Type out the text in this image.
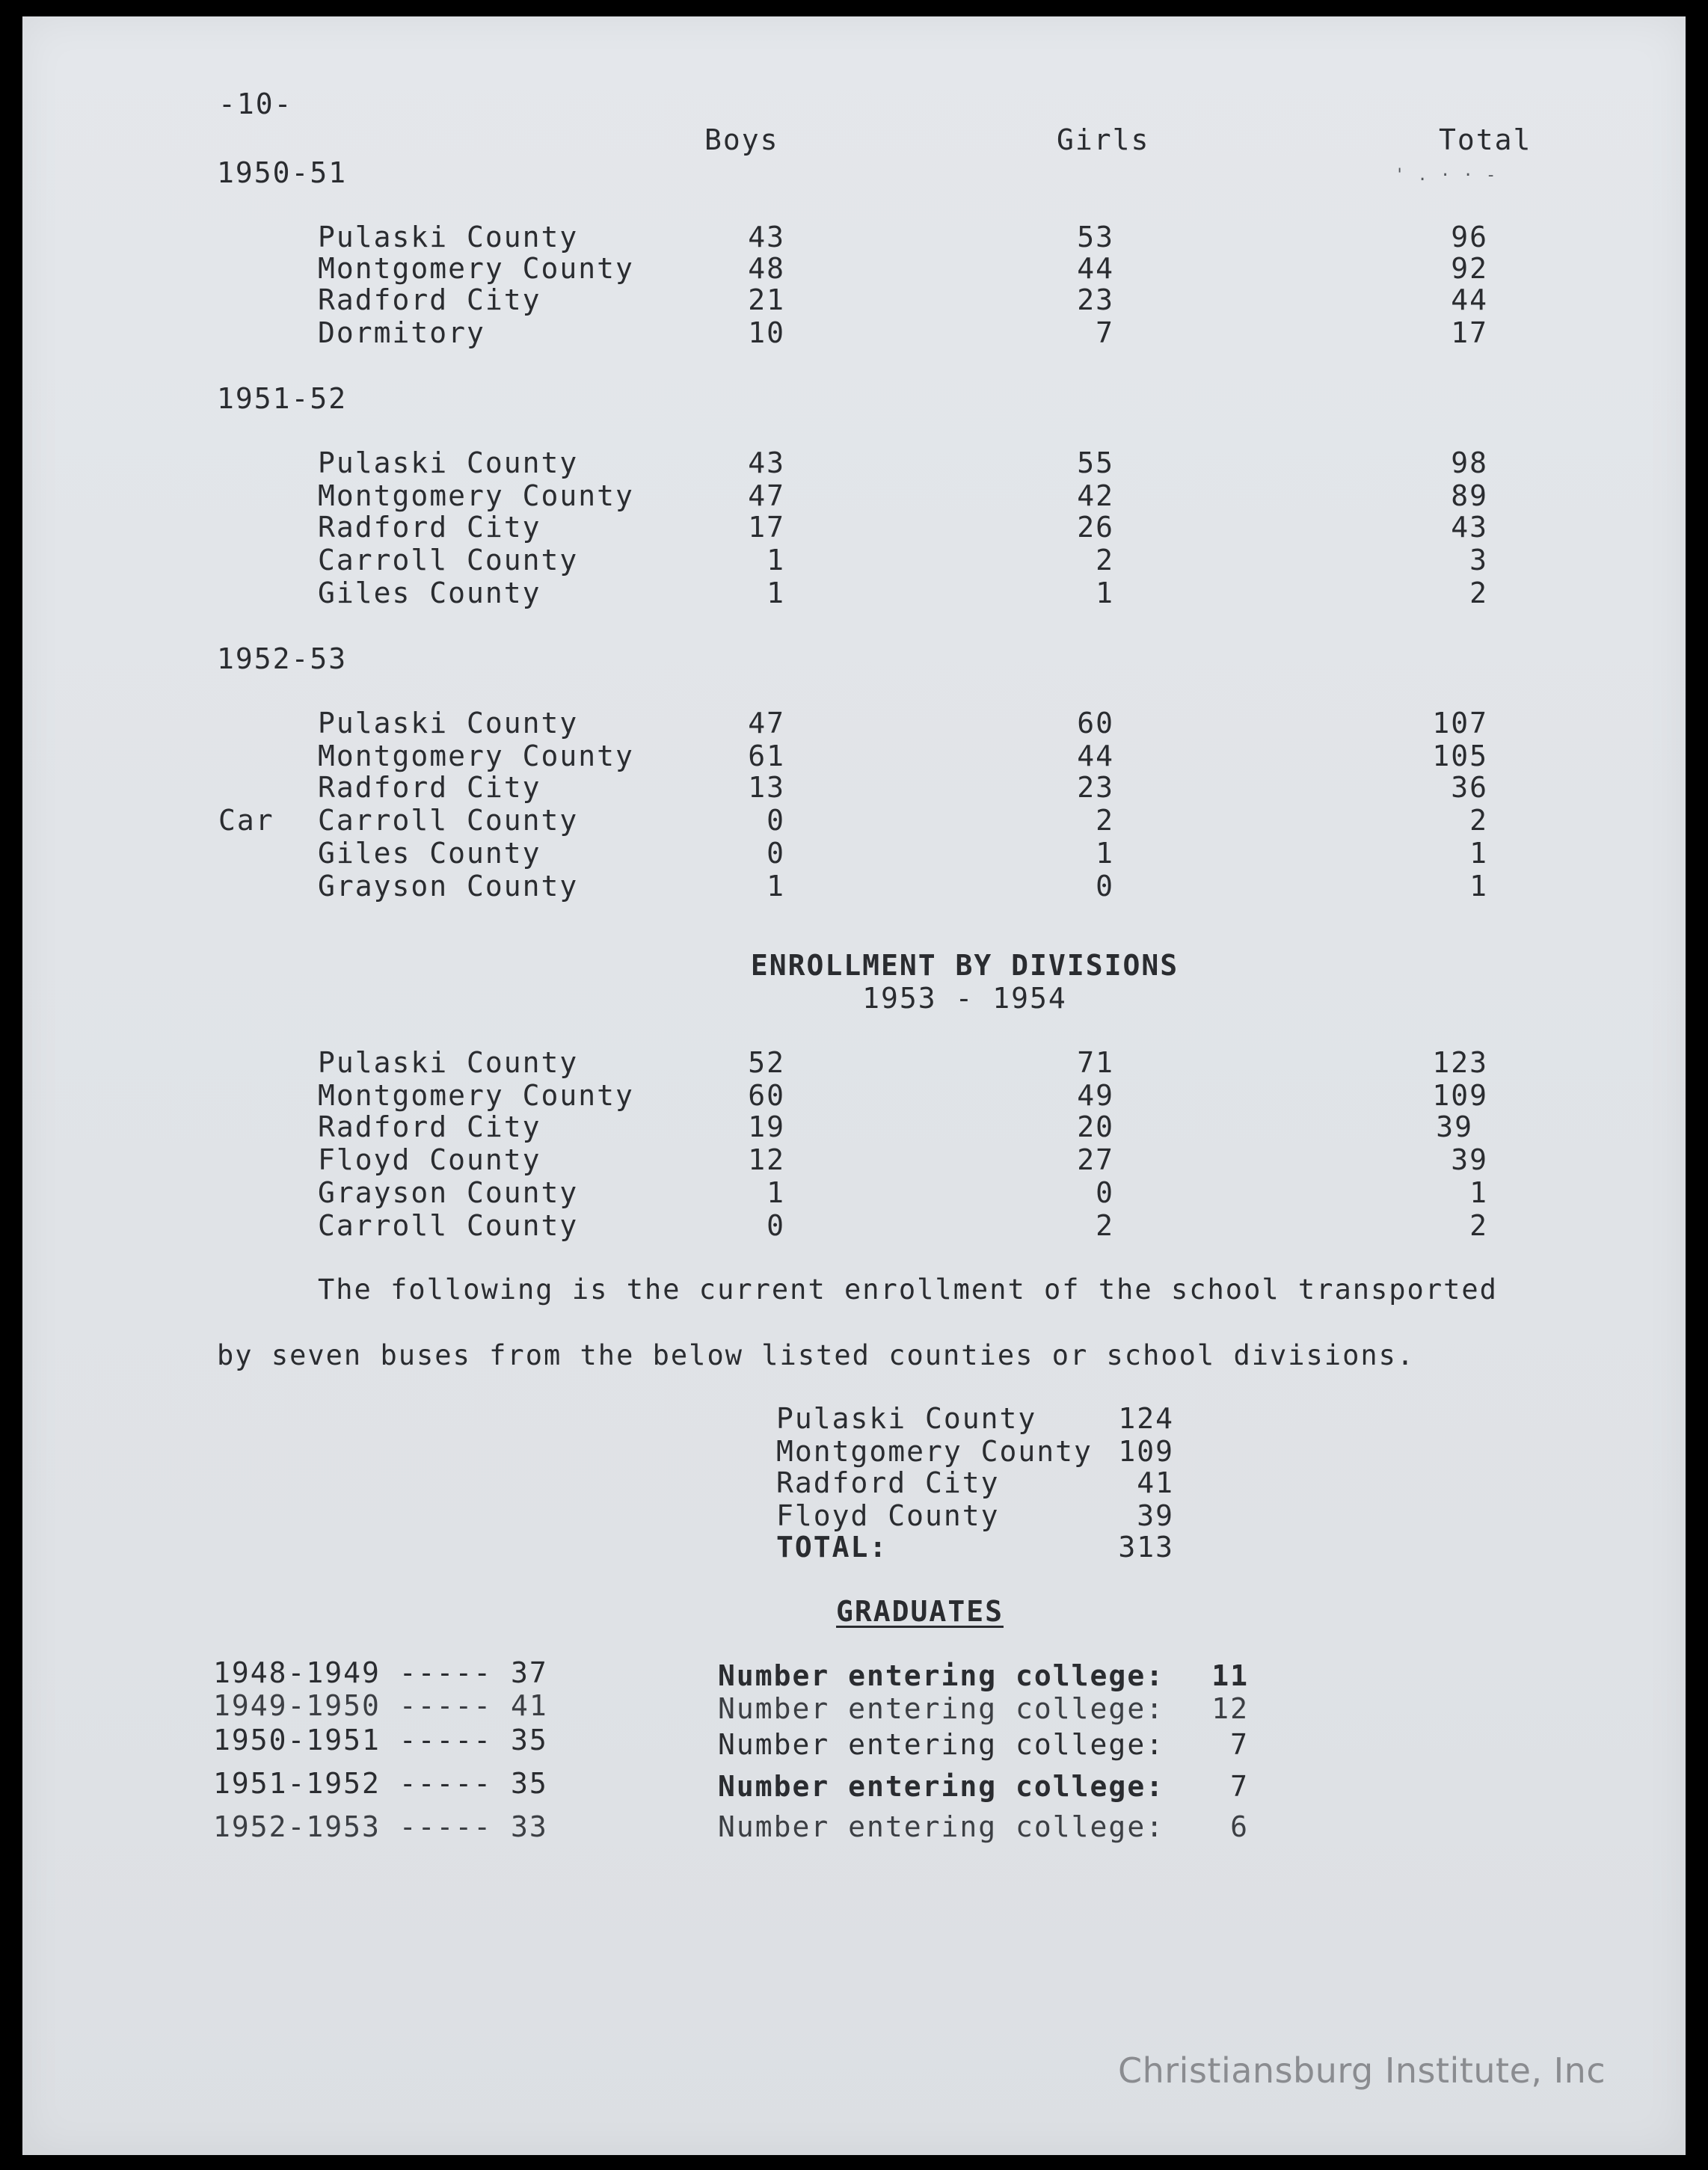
-10-
Boys	Girls	Total
' . · · -
1950-51
Pulaski County	43	53	96
Montgomery County	48	44	92
Radford City	21	23	44
Dormitory	10	7	17
1951-52
Pulaski County	43	55	98
Montgomery County	47	42	89
Radford City	17	26	43
Carroll County	1	2	3
Giles County	1	1	2
1952-53
Pulaski County	47	60	107
Montgomery County	61	44	105
Radford City	13	23	36
Car Carroll County	0	2	2
Giles County	0	1	1
Grayson County	1	0	1
ENROLLMENT BY DIVISIONS
1953 - 1954
Pulaski County	52	71	123
Montgomery County	60	49	109
Radford City	19	20	39
Floyd County	12	27	39
Grayson County	1	0	1
Carroll County	0	2	2
The following is the current enrollment of the school transported
by seven buses from the below listed counties or school divisions.
Pulaski County	124
Montgomery County 109
Radford City	41
Floyd County	39
TOTAL:	313
GRADUATES
1948-1949 ----- 37	Number entering college:	11
1949-1950 ----- 41	Number entering college:	12
1950-1951 ----- 35	Number entering college:	7
1951-1952 ----- 35	Number entering college:	7
1952-1953 ----- 33	Number entering college:	6
Christiansburg Institute, Inc
